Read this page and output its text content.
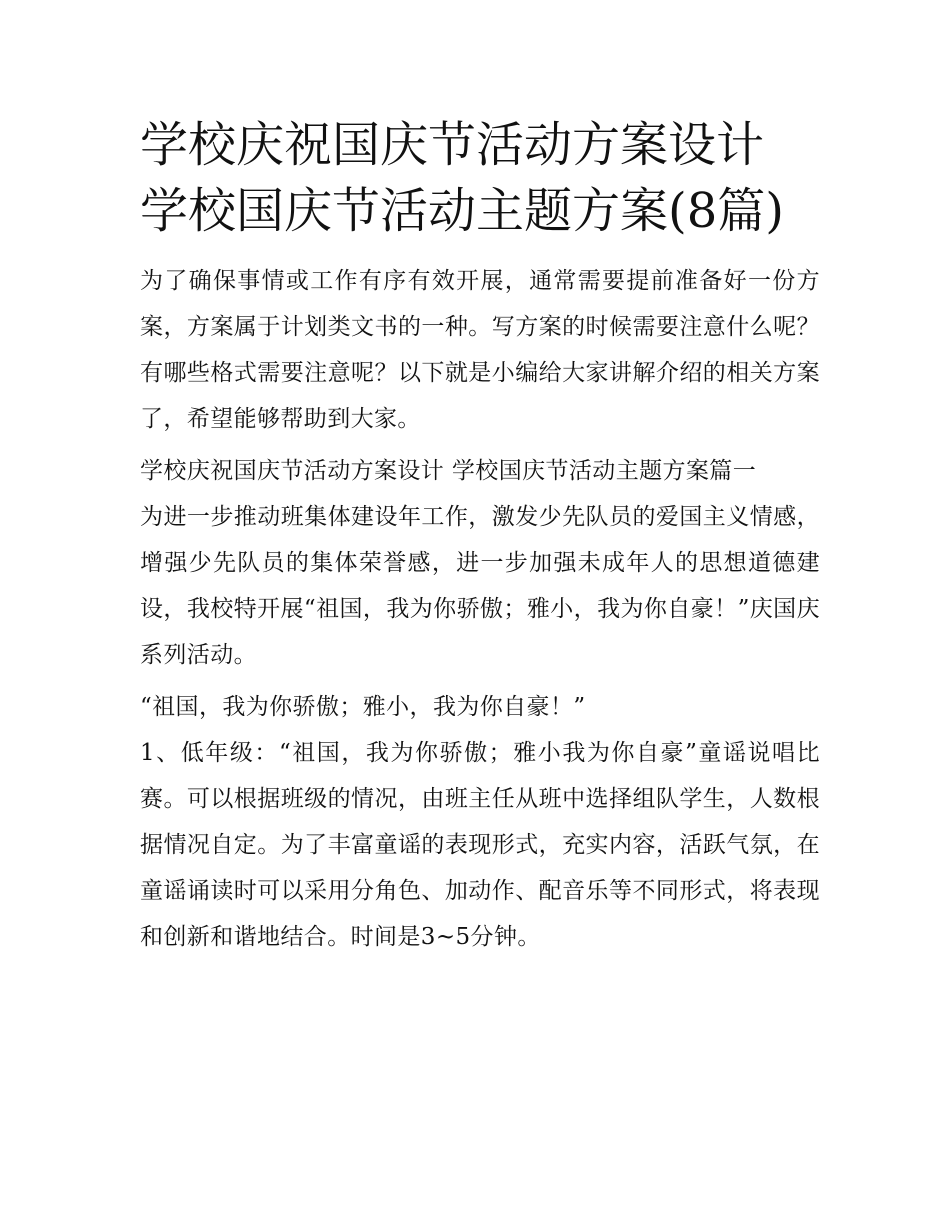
学校庆祝国庆节活动方案设计 学校国庆节活动主题方案(8篇)

为了确保事情或工作有序有效开展，通常需要提前准备好一份方案，方案属于计划类文书的一种。写方案的时候需要注意什么呢？有哪些格式需要注意呢？以下就是小编给大家讲解介绍的相关方案了，希望能够帮助到大家。

学校庆祝国庆节活动方案设计 学校国庆节活动主题方案篇一

为进一步推动班集体建设年工作，激发少先队员的爱国主义情感，增强少先队员的集体荣誉感，进一步加强未成年人的思想道德建设，我校特开展“祖国，我为你骄傲；雅小，我为你自豪！”庆国庆系列活动。

“祖国，我为你骄傲；雅小，我为你自豪！”

1、低年级：“祖国，我为你骄傲；雅小我为你自豪”童谣说唱比赛。可以根据班级的情况，由班主任从班中选择组队学生，人数根据情况自定。为了丰富童谣的表现形式，充实内容，活跃气氛，在童谣诵读时可以采用分角色、加动作、配音乐等不同形式，将表现和创新和谐地结合。时间是3~5分钟。
